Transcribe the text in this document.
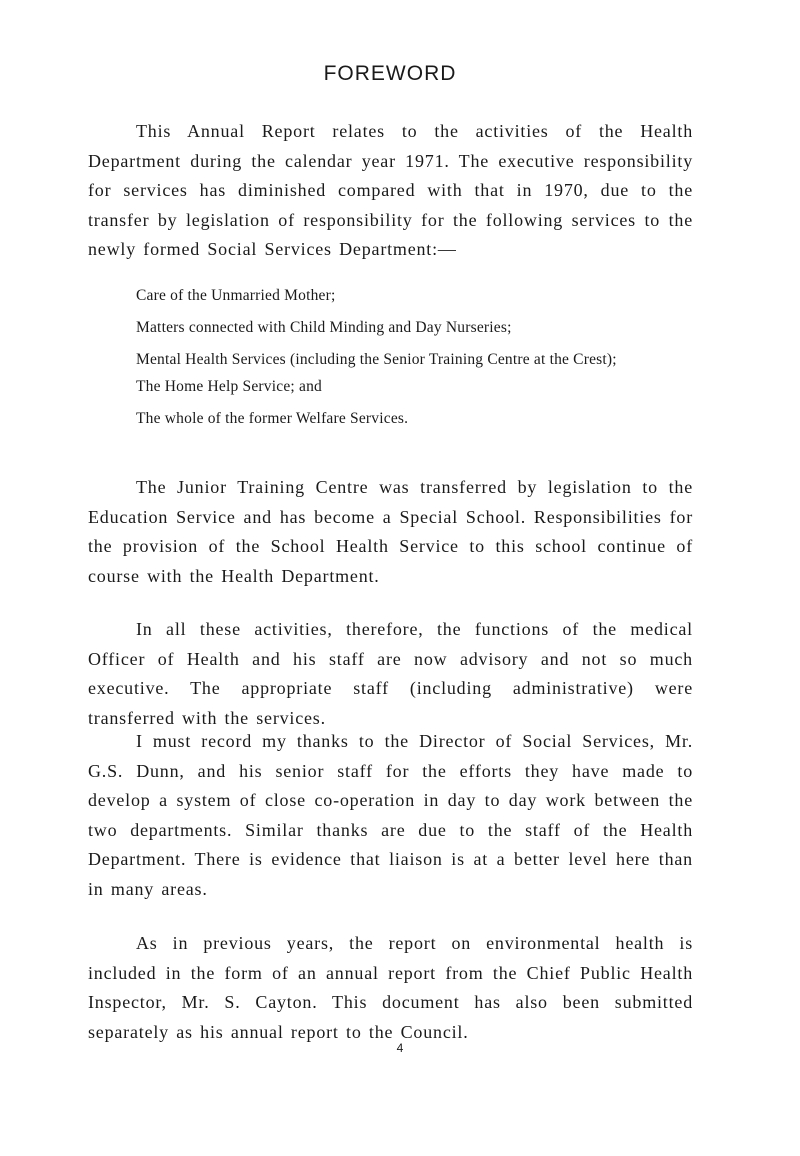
FOREWORD

This Annual Report relates to the activities of the Health Department during the calendar year 1971. The executive responsibility for services has diminished compared with that in 1970, due to the transfer by legislation of responsibility for the following services to the newly formed Social Services Department:—

Care of the Unmarried Mother;
Matters connected with Child Minding and Day Nurseries;
Mental Health Services (including the Senior Training Centre at the Crest);
The Home Help Service; and
The whole of the former Welfare Services.

The Junior Training Centre was transferred by legislation to the Education Service and has become a Special School. Responsibilities for the provision of the School Health Service to this school continue of course with the Health Department.

In all these activities, therefore, the functions of the medical Officer of Health and his staff are now advisory and not so much executive. The appropriate staff (including administrative) were transferred with the services.

I must record my thanks to the Director of Social Services, Mr. G.S. Dunn, and his senior staff for the efforts they have made to develop a system of close co-operation in day to day work between the two departments. Similar thanks are due to the staff of the Health Department. There is evidence that liaison is at a better level here than in many areas.

As in previous years, the report on environmental health is included in the form of an annual report from the Chief Public Health Inspector, Mr. S. Cayton. This document has also been submitted separately as his annual report to the Council.

4
